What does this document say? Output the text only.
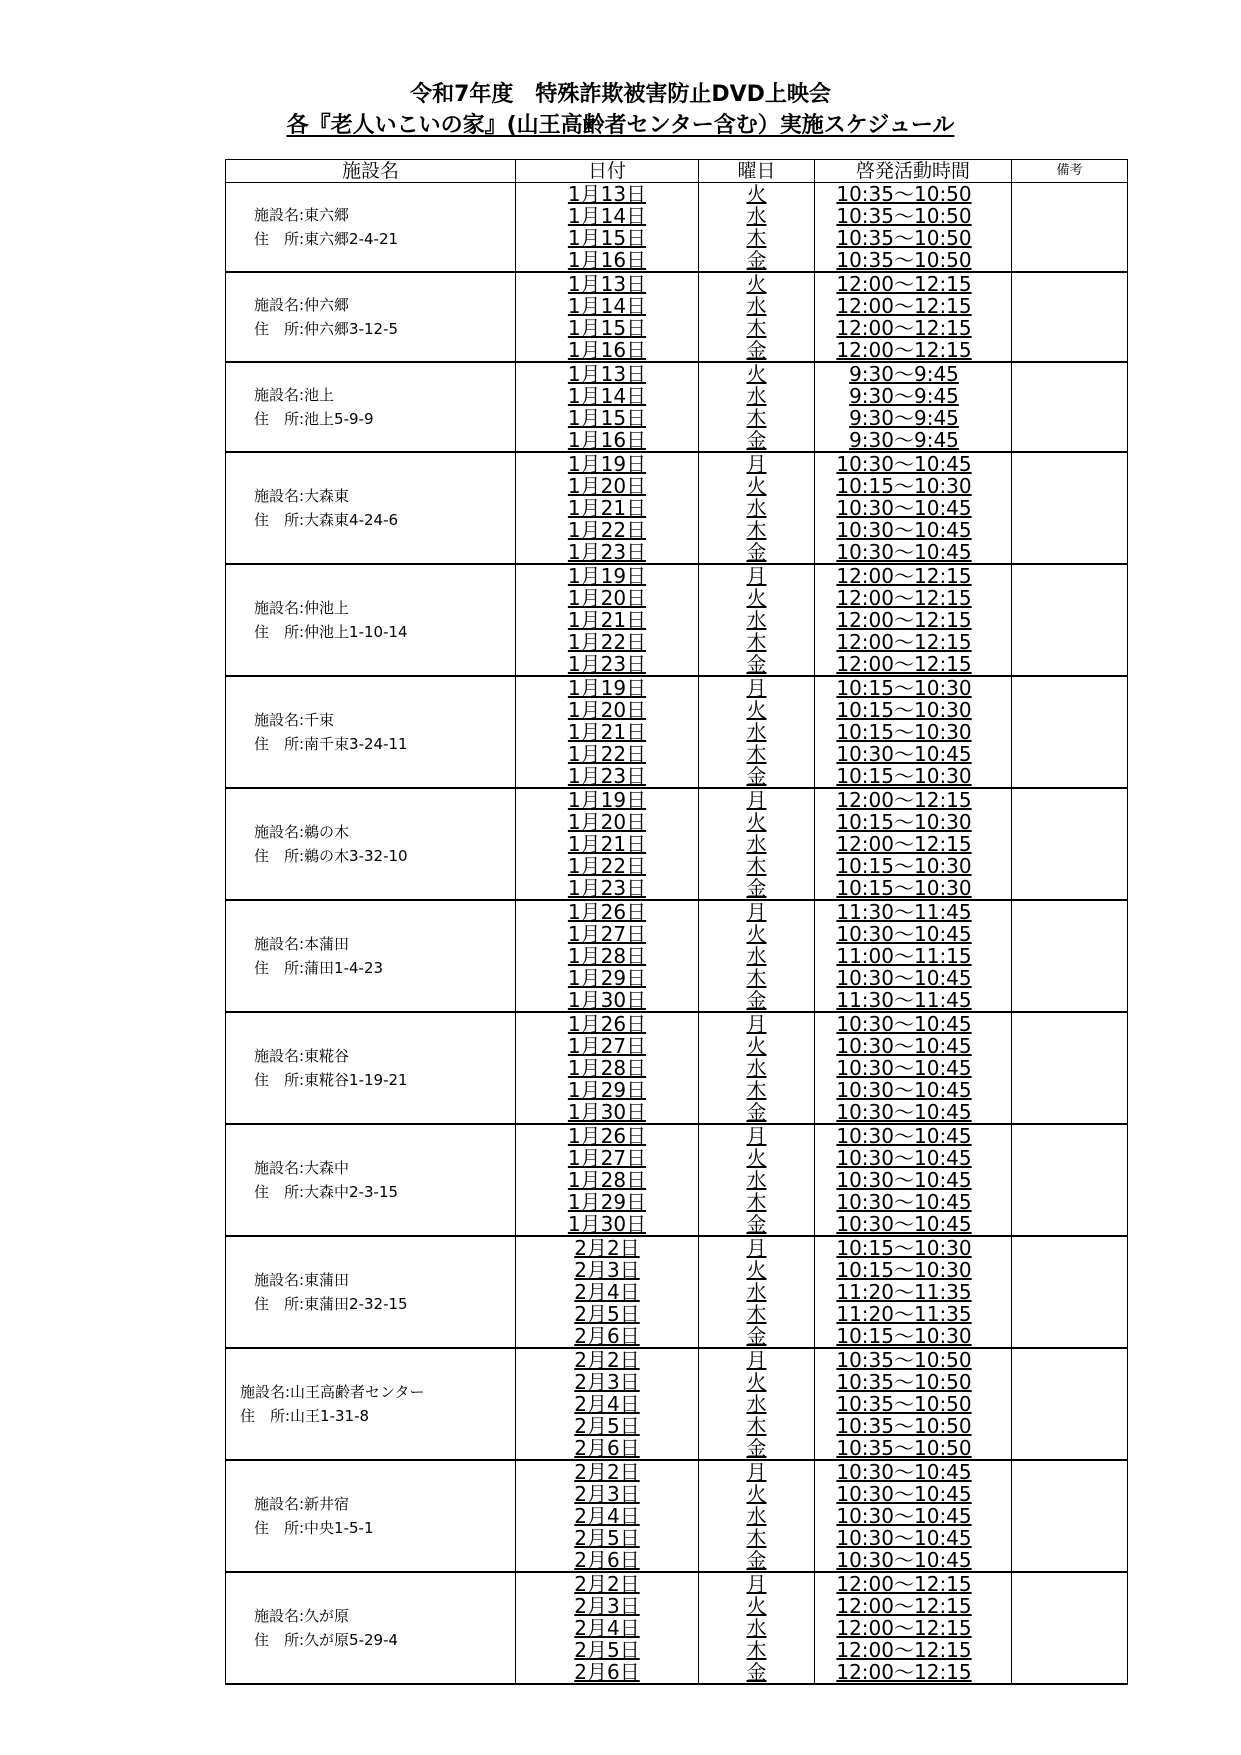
令和7年度　特殊詐欺被害防止DVD上映会
各『老人いこいの家』(山王高齢者センター含む）実施スケジュール
施設名	日付	曜日	啓発活動時間	備考

施設名:東六郷
住　所:東六郷2-4-21	1月13日	火	10:35～10:50	
	1月14日	水	10:35～10:50	
	1月15日	木	10:35～10:50	
	1月16日	金	10:35～10:50	

施設名:仲六郷
住　所:仲六郷3-12-5	1月13日	火	12:00～12:15	
	1月14日	水	12:00～12:15	
	1月15日	木	12:00～12:15	
	1月16日	金	12:00～12:15	

施設名:池上
住　所:池上5-9-9	1月13日	火	9:30～9:45	
	1月14日	水	9:30～9:45	
	1月15日	木	9:30～9:45	
	1月16日	金	9:30～9:45	

施設名:大森東
住　所:大森東4-24-6	1月19日	月	10:30～10:45	
	1月20日	火	10:15～10:30	
	1月21日	水	10:30～10:45	
	1月22日	木	10:30～10:45	
	1月23日	金	10:30～10:45	

施設名:仲池上
住　所:仲池上1-10-14	1月19日	月	12:00～12:15	
	1月20日	火	12:00～12:15	
	1月21日	水	12:00～12:15	
	1月22日	木	12:00～12:15	
	1月23日	金	12:00～12:15	

施設名:千束
住　所:南千束3-24-11	1月19日	月	10:15～10:30	
	1月20日	火	10:15～10:30	
	1月21日	水	10:15～10:30	
	1月22日	木	10:30～10:45	
	1月23日	金	10:15～10:30	

施設名:鵜の木
住　所:鵜の木3-32-10	1月19日	月	12:00～12:15	
	1月20日	火	10:15～10:30	
	1月21日	水	12:00～12:15	
	1月22日	木	10:15～10:30	
	1月23日	金	10:15～10:30	

施設名:本蒲田
住　所:蒲田1-4-23	1月26日	月	11:30～11:45	
	1月27日	火	10:30～10:45	
	1月28日	水	11:00～11:15	
	1月29日	木	10:30～10:45	
	1月30日	金	11:30～11:45	

施設名:東糀谷
住　所:東糀谷1-19-21	1月26日	月	10:30～10:45	
	1月27日	火	10:30～10:45	
	1月28日	水	10:30～10:45	
	1月29日	木	10:30～10:45	
	1月30日	金	10:30～10:45	

施設名:大森中
住　所:大森中2-3-15	1月26日	月	10:30～10:45	
	1月27日	火	10:30～10:45	
	1月28日	水	10:30～10:45	
	1月29日	木	10:30～10:45	
	1月30日	金	10:30～10:45	

施設名:東蒲田
住　所:東蒲田2-32-15	2月2日	月	10:15～10:30	
	2月3日	火	10:15～10:30	
	2月4日	水	11:20～11:35	
	2月5日	木	11:20～11:35	
	2月6日	金	10:15～10:30	

施設名:山王高齢者センター
住　所:山王1-31-8	2月2日	月	10:35～10:50	
	2月3日	火	10:35～10:50	
	2月4日	水	10:35～10:50	
	2月5日	木	10:35～10:50	
	2月6日	金	10:35～10:50	

施設名:新井宿
住　所:中央1-5-1	2月2日	月	10:30～10:45	
	2月3日	火	10:30～10:45	
	2月4日	水	10:30～10:45	
	2月5日	木	10:30～10:45	
	2月6日	金	10:30～10:45	

施設名:久が原
住　所:久が原5-29-4	2月2日	月	12:00～12:15	
	2月3日	火	12:00～12:15	
	2月4日	水	12:00～12:15	
	2月5日	木	12:00～12:15	
	2月6日	金	12:00～12:15	
